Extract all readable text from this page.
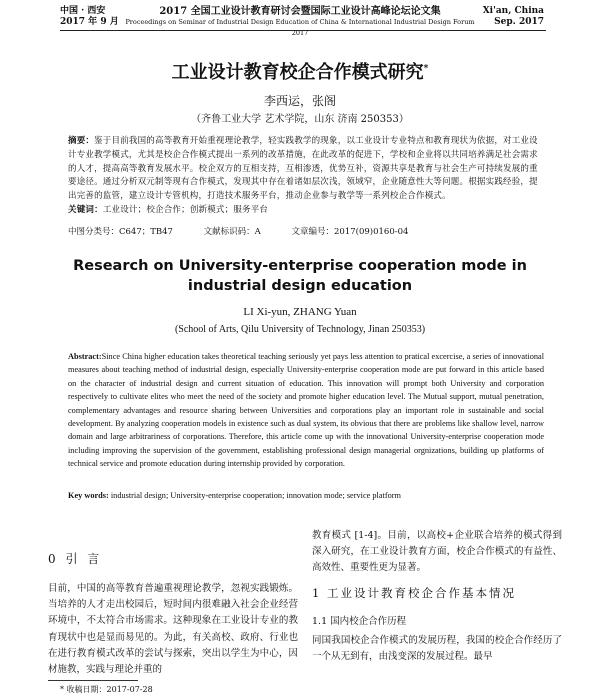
中国 · 西安
2017 年 9 月
2017 全国工业设计教育研讨会暨国际工业设计高峰论坛论文集
Proceedings on Seminar of Industrial Design Education of China & International Industrial Design Forum 2017
Xi'an, China
Sep. 2017
工业设计教育校企合作模式研究*
李西运，张阁
（齐鲁工业大学 艺术学院，山东 济南 250353）
摘要：鉴于目前我国的高等教育开始重视理论教学，轻实践教学的现象，以工业设计专业特点和教育现状为依据，对工业设计专业教学模式，尤其是校企合作模式提出一系列的改革措施，在此改革的促进下，学校和企业将以共同培养满足社会需求的人才，提高高等教育发展水平。校企双方的互相支持，互相渗透，优势互补，资源共享是教育与社会生产可持续发展的重要途径。通过分析双元制等现有合作模式，发现其中存在着诸如层次浅，领域窄，企业随意性大等问题。根据实践经验，提出完善的监管，建立设计专管机构，打造技术服务平台，推动企业参与教学等一系列校企合作模式。
关键词：工业设计；校企合作；创新模式；服务平台
中图分类号：C647；TB47	文献标识码：A	文章编号：2017(09)0160-04
Research on University-enterprise cooperation mode in industrial design education
LI Xi-yun, ZHANG Yuan
(School of Arts, Qilu University of Technology, Jinan 250353)
Abstract:Since China higher education takes theoretical teaching seriously yet pays less attention to pratical excercise, a series of innovational measures about teaching method of industrial design, especially University-enterprise cooperation mode are put forward in this article based on the character of industrial design and current situation of education. This innovation will prompt both University and corporation respectively to cultivate elites who meet the need of the society and promote higher education level. The Mutual support, mutual penetration, complementary advantages and resource sharing between Universities and corporations play an important role in sustainable and social development. By analyzing cooperation models in existence such as dual system, its obvious that there are problems like shallow level, narrow domain and large arbitrariness of corporations. Therefore, this article come up with the innovational University-enterprise cooperation mode including improving the supervision of the government, establishing professional design managerial orgnizations, building up platforms of technical service and promote education during internship provided by corporation.
Key words: industrial design; University-enterprise cooperation; innovation mode; service platform
0 引 言
目前，中国的高等教育普遍重视理论教学，忽视实践锻炼。当培养的人才走出校园后，短时间内很难融入社会企业经营环境中，不太符合市场需求。这种现象在工业设计专业的教育现状中也是显而易见的。为此，有关高校、政府、行业也在进行教育模式改革的尝试与探索，突出以学生为中心，因材施教，实践与理论并重的
教育模式 [1-4]。目前，以高校+企业联合培养的模式得到深入研究，在工业设计教育方面，校企合作模式的有益性、高效性、重要性更为显著。
1 工业设计教育校企合作基本情况
1.1 国内校企合作历程
同国我国校企合作模式的发展历程，我国的校企合作经历了一个从无到有，由浅变深的发展过程。最早
* 收稿日期：2017-07-28
